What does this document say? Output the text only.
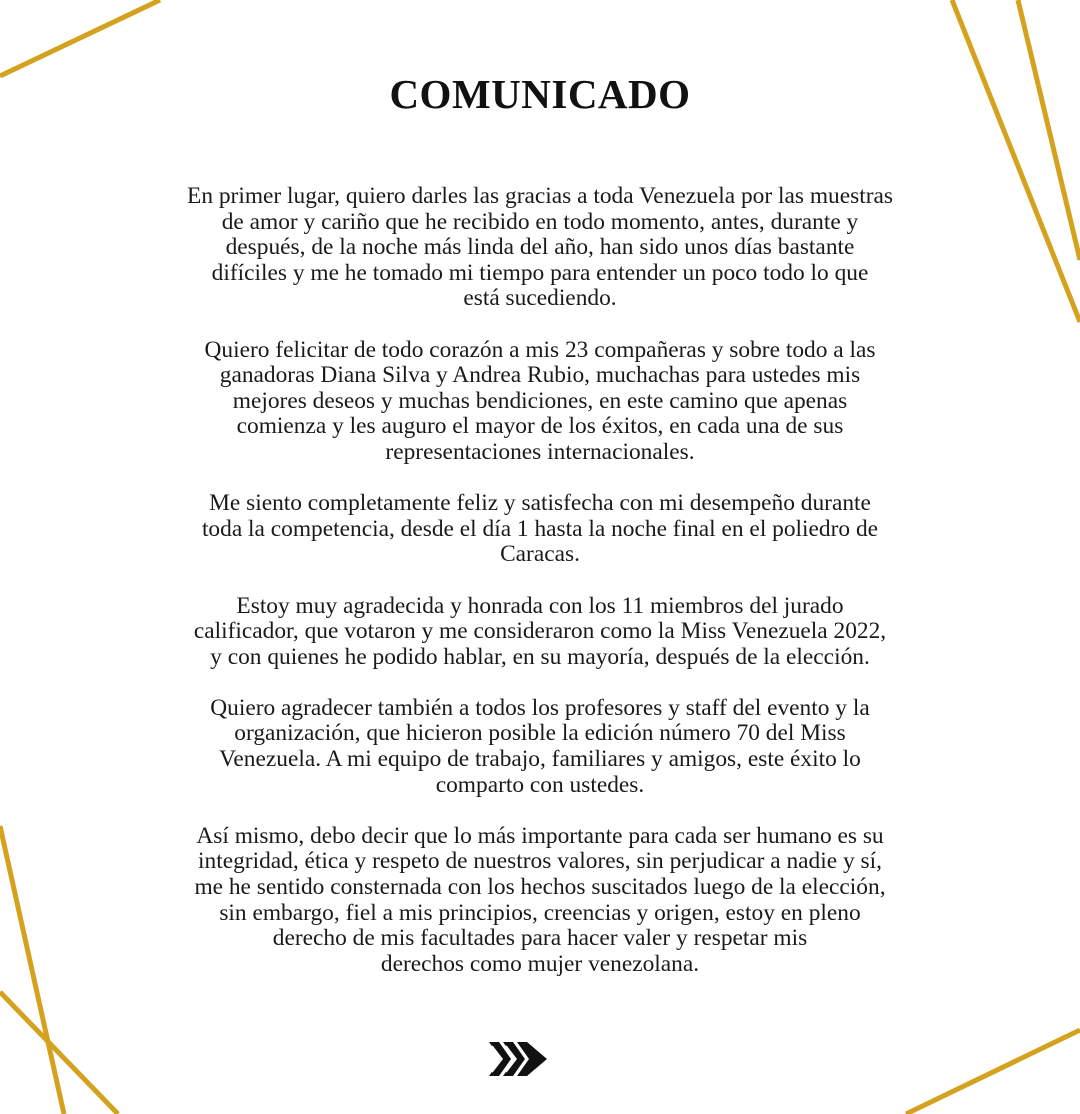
COMUNICADO

En primer lugar, quiero darles las gracias a toda Venezuela por las muestras
de amor y cariño que he recibido en todo momento, antes, durante y
después, de la noche más linda del año, han sido unos días bastante
difíciles y me he tomado mi tiempo para entender un poco todo lo que
está sucediendo.

Quiero felicitar de todo corazón a mis 23 compañeras y sobre todo a las
ganadoras Diana Silva y Andrea Rubio, muchachas para ustedes mis
mejores deseos y muchas bendiciones, en este camino que apenas
comienza y les auguro el mayor de los éxitos, en cada una de sus
representaciones internacionales.

Me siento completamente feliz y satisfecha con mi desempeño durante
toda la competencia, desde el día 1 hasta la noche final en el poliedro de
Caracas.

Estoy muy agradecida y honrada con los 11 miembros del jurado
calificador, que votaron y me consideraron como la Miss Venezuela 2022,
y con quienes he podido hablar, en su mayoría, después de la elección.

Quiero agradecer también a todos los profesores y staff del evento y la
organización, que hicieron posible la edición número 70 del Miss
Venezuela. A mi equipo de trabajo, familiares y amigos, este éxito lo
comparto con ustedes.

Así mismo, debo decir que lo más importante para cada ser humano es su
integridad, ética y respeto de nuestros valores, sin perjudicar a nadie y sí,
me he sentido consternada con los hechos suscitados luego de la elección,
sin embargo, fiel a mis principios, creencias y origen, estoy en pleno
derecho de mis facultades para hacer valer y respetar mis
derechos como mujer venezolana.
